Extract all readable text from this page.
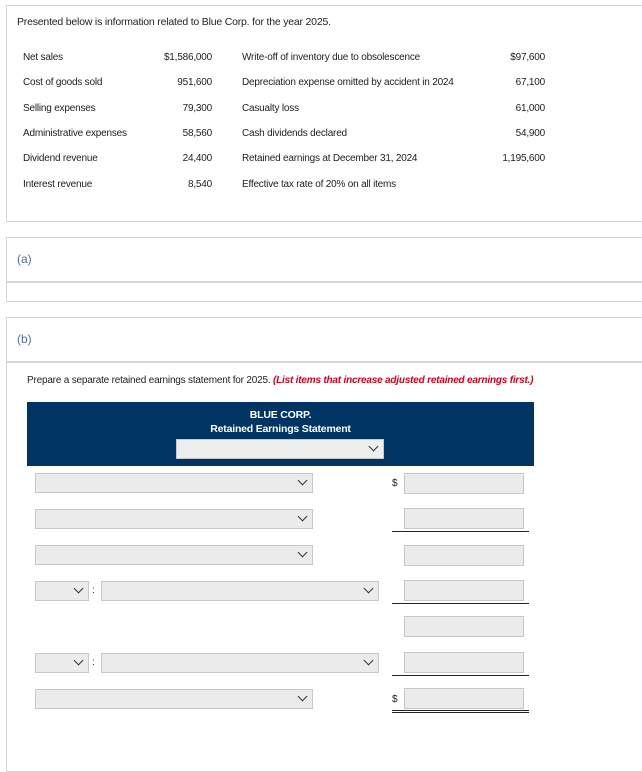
Presented below is information related to Blue Corp. for the year 2025.
Net sales	$1,586,000
Cost of goods sold	951,600
Selling expenses	79,300
Administrative expenses	58,560
Dividend revenue	24,400
Interest revenue	8,540
Write-off of inventory due to obsolescence	$97,600
Depreciation expense omitted by accident in 2024	67,100
Casualty loss	61,000
Cash dividends declared	54,900
Retained earnings at December 31, 2024	1,195,600
Effective tax rate of 20% on all items
(a)
(b)
Prepare a separate retained earnings statement for 2025. (List items that increase adjusted retained earnings first.)
BLUE CORP.
Retained Earnings Statement
$
:
:
$
